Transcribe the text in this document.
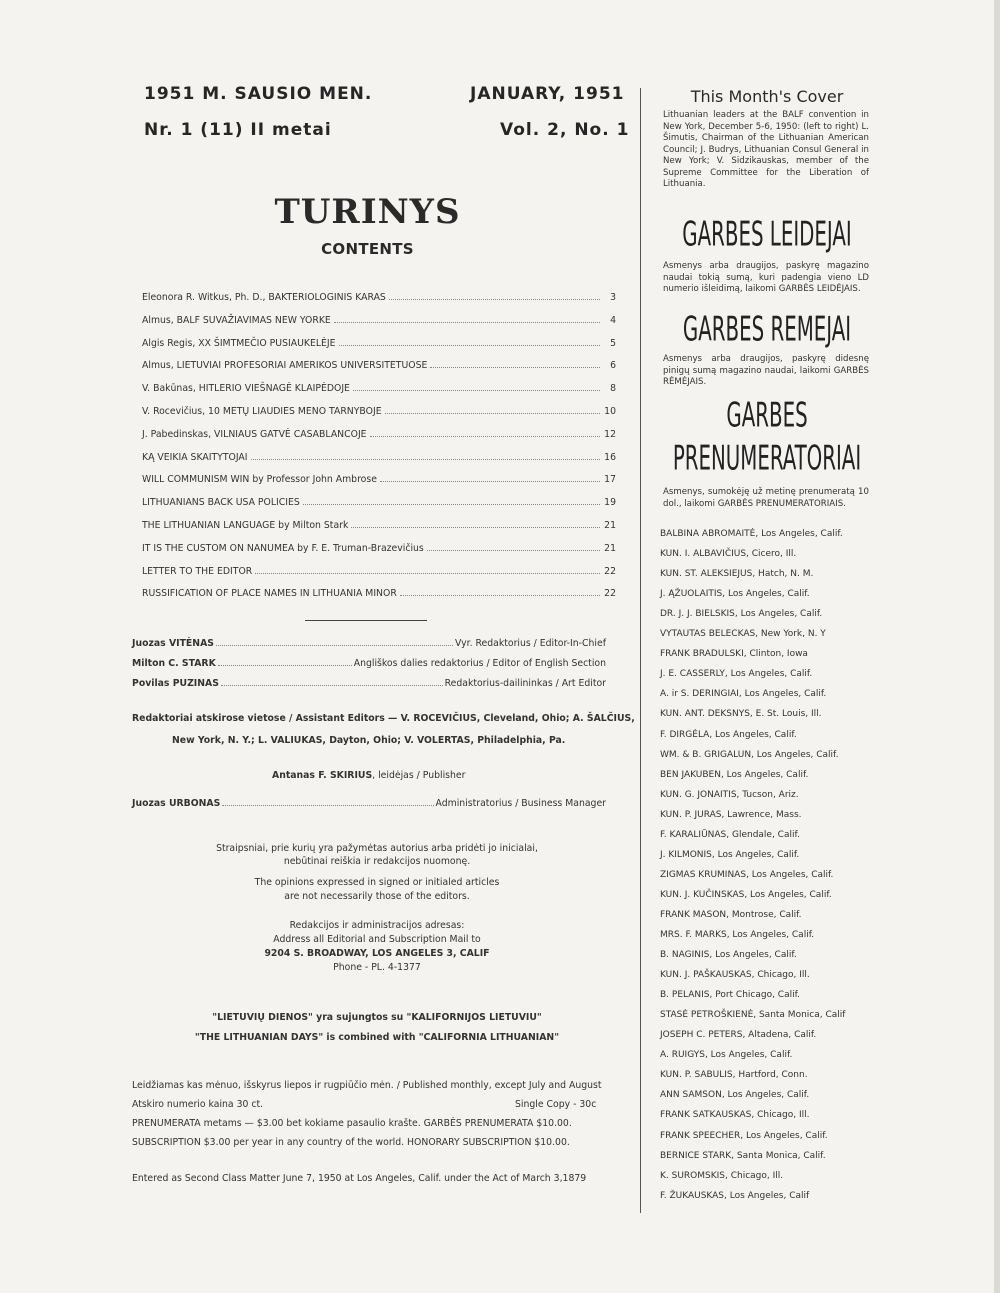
1951 M. SAUSIO MEN.	JANUARY, 1951
Nr. 1 (11) II metai	Vol. 2, No. 1
TURINYS
CONTENTS
Eleonora R. Witkus, Ph. D., BAKTERIOLOGINIS KARAS	3
Almus, BALF SUVAŽIAVIMAS NEW YORKE	4
Algis Regis, XX ŠIMTMEČIO PUSIAUKELĖJE	5
Almus, LIETUVIAI PROFESORIAI AMERIKOS UNIVERSITETUOSE	6
V. Bakūnas, HITLERIO VIEŠNAGĖ KLAIPĖDOJE	8
V. Rocevičius, 10 METŲ LIAUDIES MENO TARNYBOJE	10
J. Pabedinskas, VILNIAUS GATVĖ CASABLANCOJE	12
KĄ VEIKIA SKAITYTOJAI	16
WILL COMMUNISM WIN by Professor John Ambrose	17
LITHUANIANS BACK USA POLICIES	19
THE LITHUANIAN LANGUAGE by Milton Stark	21
IT IS THE CUSTOM ON NANUMEA by F. E. Truman-Brazevičius	21
LETTER TO THE EDITOR	22
RUSSIFICATION OF PLACE NAMES IN LITHUANIA MINOR	22
Juozas VITĖNAS	Vyr. Redaktorius / Editor-In-Chief
Milton C. STARK	Angliškos dalies redaktorius / Editor of English Section
Povilas PUZINAS	Redaktorius-dailininkas / Art Editor
Redaktoriai atskirose vietose / Assistant Editors — V. ROCEVIČIUS, Cleveland, Ohio; A. ŠALČIUS,
New York, N. Y.; L. VALIUKAS, Dayton, Ohio; V. VOLERTAS, Philadelphia, Pa.
Antanas F. SKIRIUS, leidėjas / Publisher
Juozas URBONAS	Administratorius / Business Manager
Straipsniai, prie kurių yra pažymėtas autorius arba pridėti jo inicialai,
nebūtinai reiškia ir redakcijos nuomonę.
The opinions expressed in signed or initialed articles
are not necessarily those of the editors.
Redakcijos ir administracijos adresas:
Address all Editorial and Subscription Mail to
9204 S. BROADWAY, LOS ANGELES 3, CALIF
Phone - PL. 4-1377
"LIETUVIŲ DIENOS" yra sujungtos su "KALIFORNIJOS LIETUVIU"
"THE LITHUANIAN DAYS" is combined with "CALIFORNIA LITHUANIAN"
Leidžiamas kas mėnuo, išskyrus liepos ir rugpiūčio mėn. / Published monthly, except July and August
Atskiro numerio kaina 30 ct.	Single Copy - 30c
PRENUMERATA metams — $3.00 bet kokiame pasaulio krašte. GARBĖS PRENUMERATA $10.00.
SUBSCRIPTION $3.00 per year in any country of the world. HONORARY SUBSCRIPTION $10.00.
Entered as Second Class Matter June 7, 1950 at Los Angeles, Calif. under the Act of March 3,1879
This Month's Cover
Lithuanian leaders at the BALF convention in New York, December 5-6, 1950: (left to right) L. Šimutis, Chairman of the Lithuanian American Council; J. Budrys, Lithuanian Consul General in New York; V. Sidzikauskas, member of the Supreme Committee for the Liberation of Lithuania.
GARBES LEIDEJAI
Asmenys arba draugijos, paskyrę magazino naudai tokią sumą, kuri padengia vieno LD numerio išleidimą, laikomi GARBĖS LEIDĖJAIS.
GARBES REMEJAI
Asmenys arba draugijos, paskyrę didesnę pinigų sumą magazino naudai, laikomi GARBĖS RĖMĖJAIS.
GARBES
PRENUMERATORIAI
Asmenys, sumokėję už metinę prenumeratą 10 dol., laikomi GARBĖS PRENUMERATORIAIS.
BALBINA ABROMAITĖ, Los Angeles, Calif.
KUN. I. ALBAVIČIUS, Cicero, Ill.
KUN. ST. ALEKSIEJUS, Hatch, N. M.
J. ĄŽUOLAITIS, Los Angeles, Calif.
DR. J. J. BIELSKIS, Los Angeles, Calif.
VYTAUTAS BELECKAS, New York, N. Y
FRANK BRADULSKI, Clinton, Iowa
J. E. CASSERLY, Los Angeles, Calif.
A. ir S. DERINGIAI, Los Angeles, Calif.
KUN. ANT. DEKSNYS, E. St. Louis, Ill.
F. DIRGĖLA, Los Angeles, Calif.
WM. & B. GRIGALUN, Los Angeles, Calif.
BEN JAKUBEN, Los Angeles, Calif.
KUN. G. JONAITIS, Tucson, Ariz.
KUN. P. JURAS, Lawrence, Mass.
F. KARALIŪNAS, Glendale, Calif.
J. KILMONIS, Los Angeles, Calif.
ZIGMAS KRUMINAS, Los Angeles, Calif.
KUN. J. KUČINSKAS, Los Angeles, Calif.
FRANK MASON, Montrose, Calif.
MRS. F. MARKS, Los Angeles, Calif.
B. NAGINIS, Los Angeles, Calif.
KUN. J. PAŠKAUSKAS, Chicago, Ill.
B. PELANIS, Port Chicago, Calif.
STASĖ PETROŠKIENĖ, Santa Monica, Calif
JOSEPH C. PETERS, Altadena, Calif.
A. RUIGYS, Los Angeles, Calif.
KUN. P. SABULIS, Hartford, Conn.
ANN SAMSON, Los Angeles, Calif.
FRANK SATKAUSKAS, Chicago, Ill.
FRANK SPEECHER, Los Angeles, Calif.
BERNICE STARK, Santa Monica, Calif.
K. SUROMSKIS, Chicago, Ill.
F. ŽUKAUSKAS, Los Angeles, Calif
